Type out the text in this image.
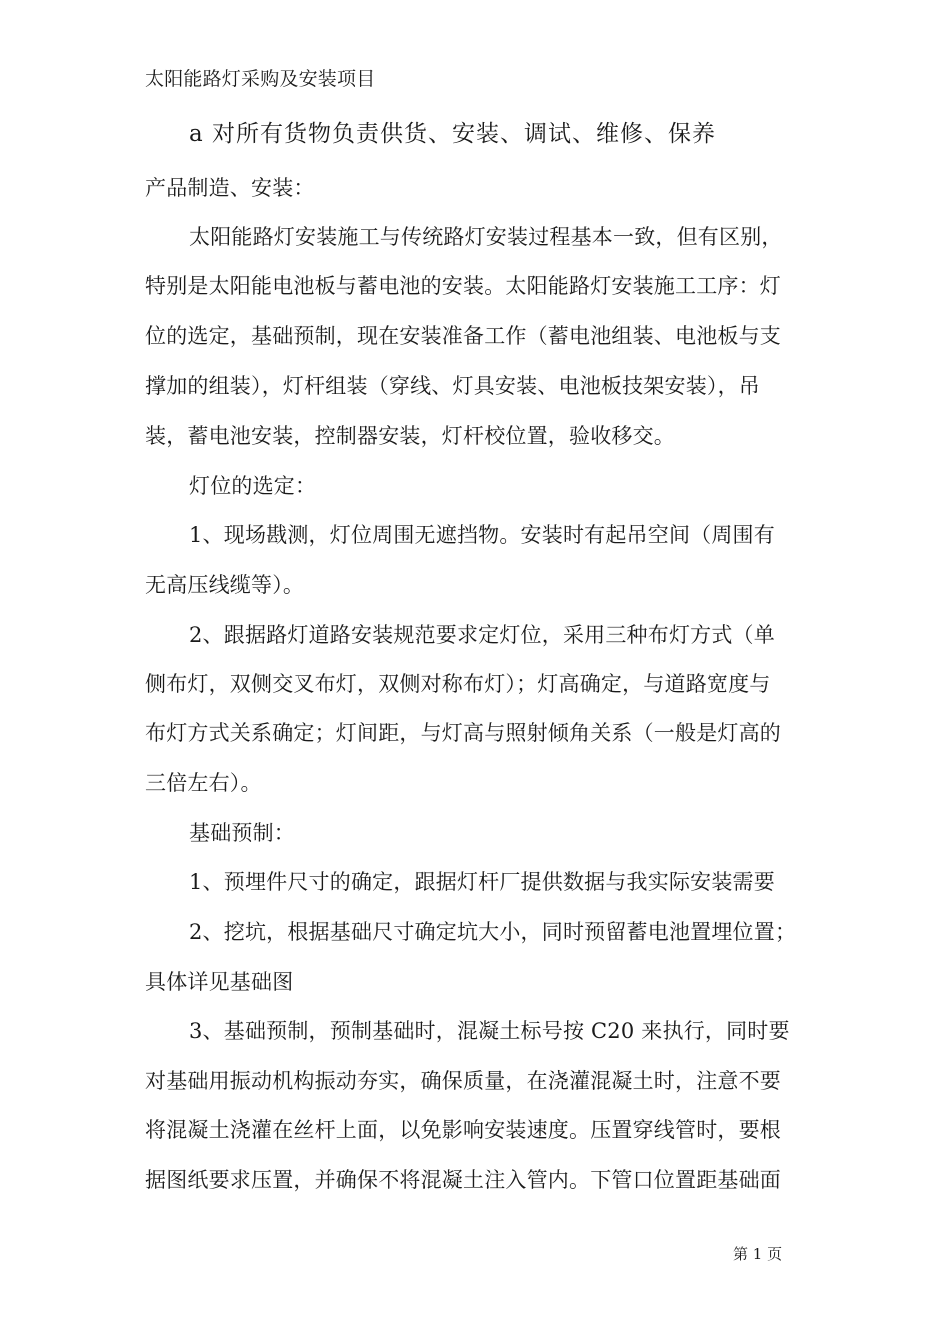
太阳能路灯采购及安装项目
a 对所有货物负责供货、安装、调试、维修、保养
产品制造、安装：
太阳能路灯安装施工与传统路灯安装过程基本一致，但有区别，
特别是太阳能电池板与蓄电池的安装。太阳能路灯安装施工工序：灯
位的选定，基础预制，现在安装准备工作（蓄电池组装、电池板与支
撑加的组装），灯杆组装（穿线、灯具安装、电池板技架安装），吊
装，蓄电池安装，控制器安装，灯杆校位置，验收移交。
灯位的选定：
1、现场戡测，灯位周围无遮挡物。安装时有起吊空间（周围有
无高压线缆等）。
2、跟据路灯道路安装规范要求定灯位，采用三种布灯方式（单
侧布灯，双侧交叉布灯，双侧对称布灯）；灯高确定，与道路宽度与
布灯方式关系确定；灯间距，与灯高与照射倾角关系（一般是灯高的
三倍左右）。
基础预制：
1、预埋件尺寸的确定，跟据灯杆厂提供数据与我实际安装需要
2、挖坑，根据基础尺寸确定坑大小，同时预留蓄电池置埋位置；
具体详见基础图
3、基础预制，预制基础时，混凝土标号按 C20 来执行，同时要
对基础用振动机构振动夯实，确保质量，在浇灌混凝土时，注意不要
将混凝土浇灌在丝杆上面，以免影响安装速度。压置穿线管时，要根
据图纸要求压置，并确保不将混凝土注入管内。下管口位置距基础面
第 1 页
